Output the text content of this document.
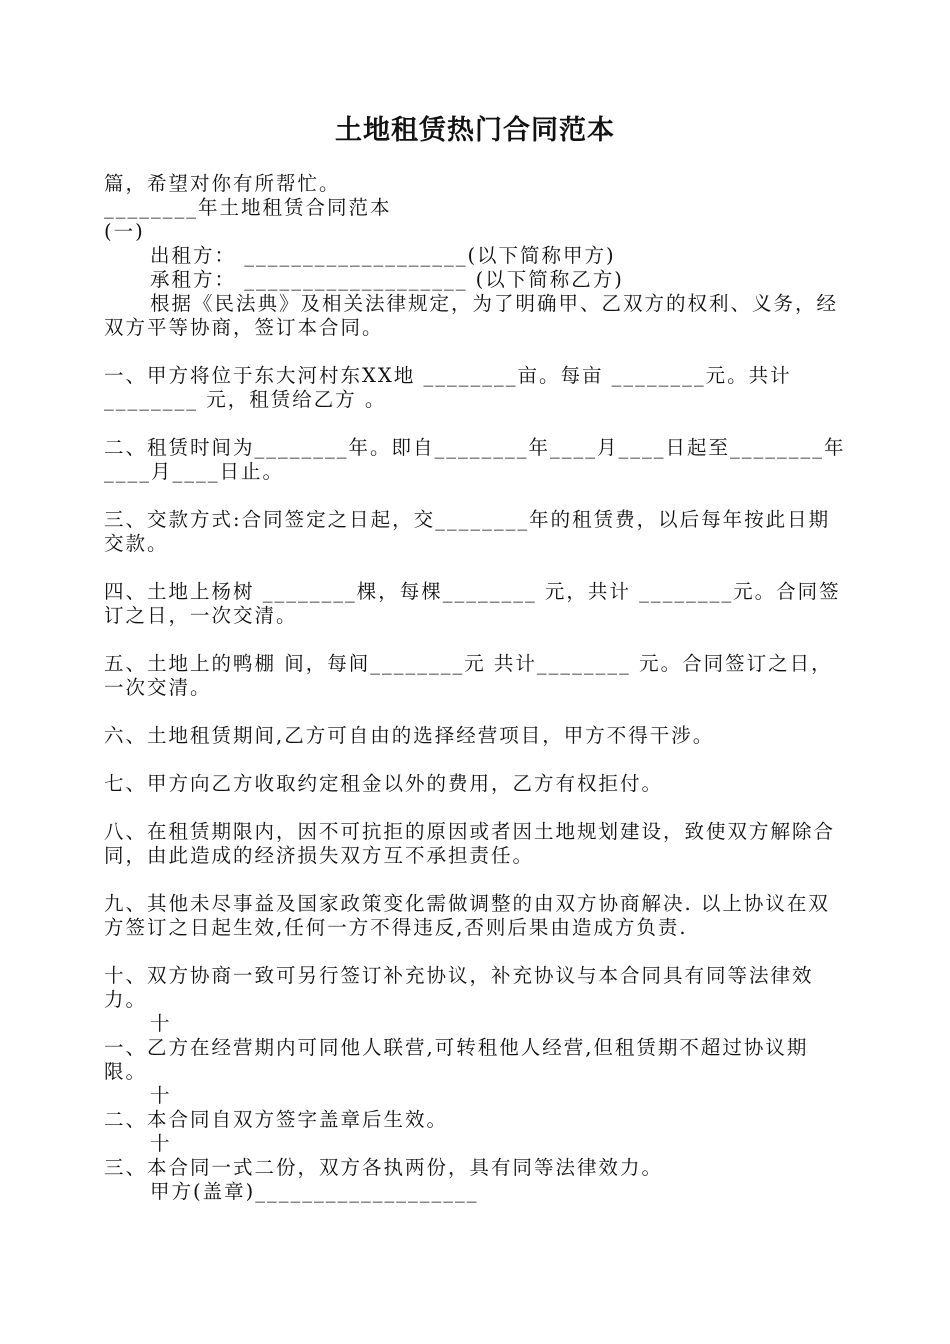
土地租赁热门合同范本

篇，希望对你有所帮忙。

________年土地租赁合同范本

(一)

出租方： ___________________(以下简称甲方)

承租方： ___________________ (以下简称乙方)

根据《民法典》及相关法律规定，为了明确甲、乙双方的权利、义务，经双方平等协商，签订本合同。

一、甲方将位于东大河村东XX地 ________亩。每亩 ________元。共计________ 元，租赁给乙方 。

二、租赁时间为________年。即自________年____月____日起至________年____月____日止。

三、交款方式:合同签定之日起，交________年的租赁费，以后每年按此日期交款。

四、土地上杨树 ________棵，每棵________ 元，共计 ________元。合同签订之日，一次交清。

五、土地上的鸭棚 间，每间________元 共计________ 元。合同签订之日，一次交清。

六、土地租赁期间,乙方可自由的选择经营项目，甲方不得干涉。

七、甲方向乙方收取约定租金以外的费用，乙方有权拒付。

八、在租赁期限内，因不可抗拒的原因或者因土地规划建设，致使双方解除合同，由此造成的经济损失双方互不承担责任。

九、其他未尽事益及国家政策变化需做调整的由双方协商解决. 以上协议在双方签订之日起生效,任何一方不得违反,否则后果由造成方负责.

十、双方协商一致可另行签订补充协议，补充协议与本合同具有同等法律效力。

十

一、乙方在经营期内可同他人联营,可转租他人经营,但租赁期不超过协议期限。

十

二、本合同自双方签字盖章后生效。

十

三、本合同一式二份，双方各执两份，具有同等法律效力。

甲方(盖章)___________________
